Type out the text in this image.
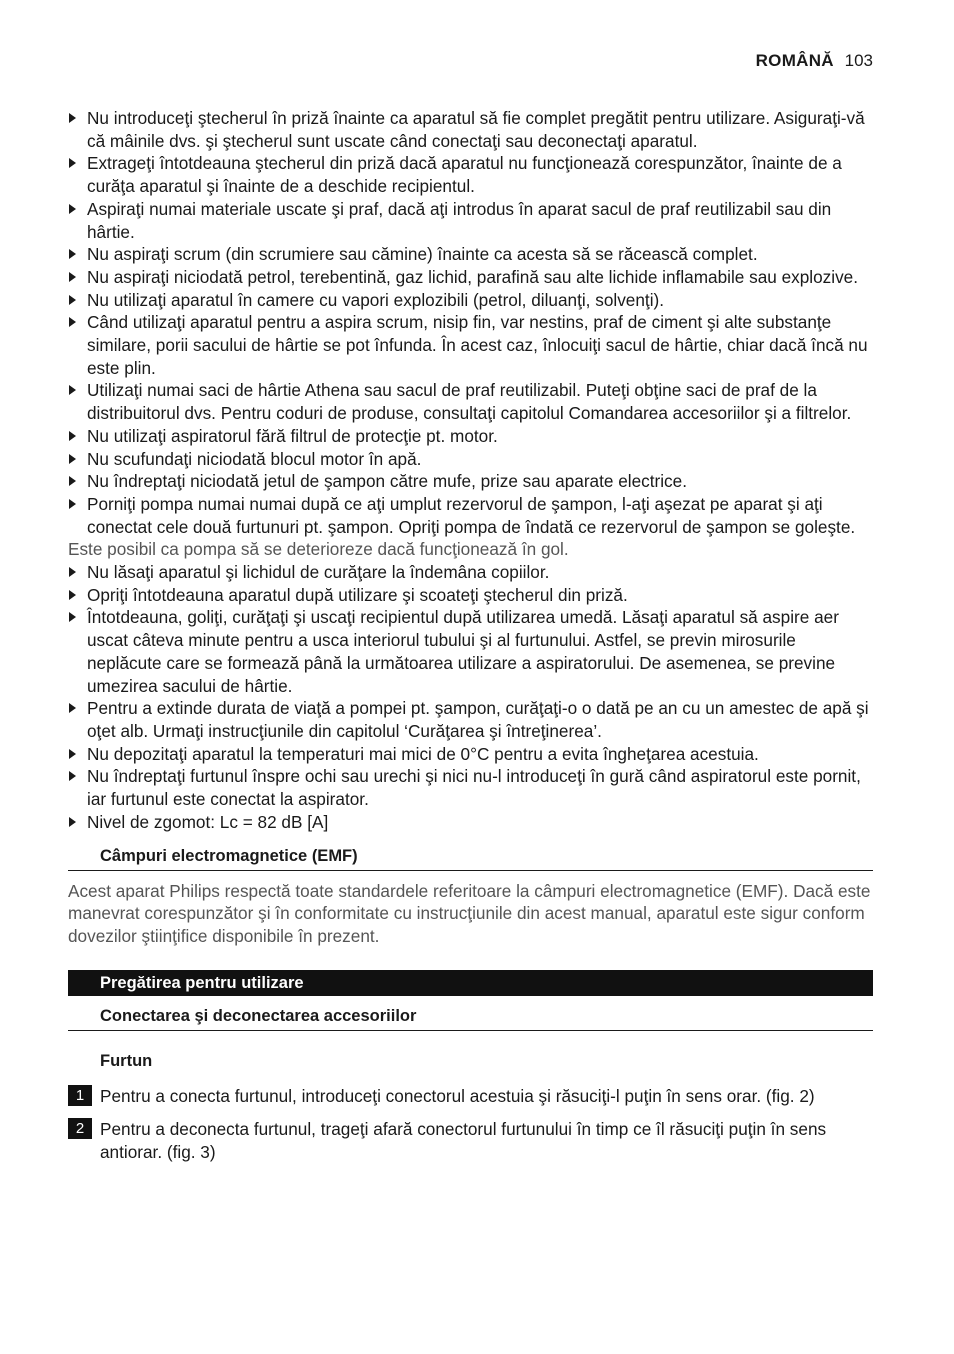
ROMÂNĂ 103
Nu introduceţi ştecherul în priză înainte ca aparatul să fie complet pregătit pentru utilizare. Asiguraţi-vă că mâinile dvs. şi ştecherul sunt uscate când conectaţi sau deconectaţi aparatul.
Extrageţi întotdeauna ştecherul din priză dacă aparatul nu funcţionează corespunzător, înainte de a curăţa aparatul şi înainte de a deschide recipientul.
Aspiraţi numai materiale uscate şi praf, dacă aţi introdus în aparat sacul de praf reutilizabil sau din hârtie.
Nu aspiraţi scrum (din scrumiere sau cămine) înainte ca acesta să se răcească complet.
Nu aspiraţi niciodată petrol, terebentină, gaz lichid, parafină sau alte lichide inflamabile sau explozive.
Nu utilizaţi aparatul în camere cu vapori explozibili (petrol, diluanţi, solvenţi).
Când utilizaţi aparatul pentru a aspira scrum, nisip fin, var nestins, praf de ciment şi alte substanţe similare, porii sacului de hârtie se pot înfunda. În acest caz, înlocuiţi sacul de hârtie, chiar dacă încă nu este plin.
Utilizaţi numai saci de hârtie Athena sau sacul de praf reutilizabil. Puteţi obţine saci de praf de la distribuitorul dvs. Pentru coduri de produse, consultaţi capitolul Comandarea accesoriilor şi a filtrelor.
Nu utilizaţi aspiratorul fără filtrul de protecţie pt. motor.
Nu scufundaţi niciodată blocul motor în apă.
Nu îndreptaţi niciodată jetul de şampon către mufe, prize sau aparate electrice.
Porniţi pompa numai numai după ce aţi umplut rezervorul de şampon, l-aţi aşezat pe aparat şi aţi conectat cele două furtunuri pt. şampon. Opriţi pompa de îndată ce rezervorul de şampon se goleşte.
Este posibil ca pompa să se deterioreze dacă funcţionează în gol.
Nu lăsaţi aparatul şi lichidul de curăţare la îndemâna copiilor.
Opriţi întotdeauna aparatul după utilizare şi scoateţi ştecherul din priză.
Întotdeauna, goliţi, curăţaţi şi uscaţi recipientul după utilizarea umedă. Lăsaţi aparatul să aspire aer uscat câteva minute pentru a usca interiorul tubului şi al furtunului. Astfel, se previn mirosurile neplăcute care se formează până la următoarea utilizare a aspiratorului. De asemenea, se previne umezirea sacului de hârtie.
Pentru a extinde durata de viaţă a pompei pt. şampon, curăţaţi-o o dată pe an cu un amestec de apă şi oţet alb. Urmaţi instrucţiunile din capitolul ‘Curăţarea şi întreţinerea’.
Nu depozitaţi aparatul la temperaturi mai mici de 0°C pentru a evita îngheţarea acestuia.
Nu îndreptaţi furtunul înspre ochi sau urechi şi nici nu-l introduceţi în gură când aspiratorul este pornit, iar furtunul este conectat la aspirator.
Nivel de zgomot: Lc = 82 dB [A]
Câmpuri electromagnetice (EMF)
Acest aparat Philips respectă toate standardele referitoare la câmpuri electromagnetice (EMF). Dacă este manevrat corespunzător şi în conformitate cu instrucţiunile din acest manual, aparatul este sigur conform dovezilor ştiinţifice disponibile în prezent.
Pregătirea pentru utilizare
Conectarea şi deconectarea accesoriilor
Furtun
1 Pentru a conecta furtunul, introduceţi conectorul acestuia şi răsuciţi-l puţin în sens orar. (fig. 2)
2 Pentru a deconecta furtunul, trageţi afară conectorul furtunului în timp ce îl răsuciţi puţin în sens antiorar. (fig. 3)
